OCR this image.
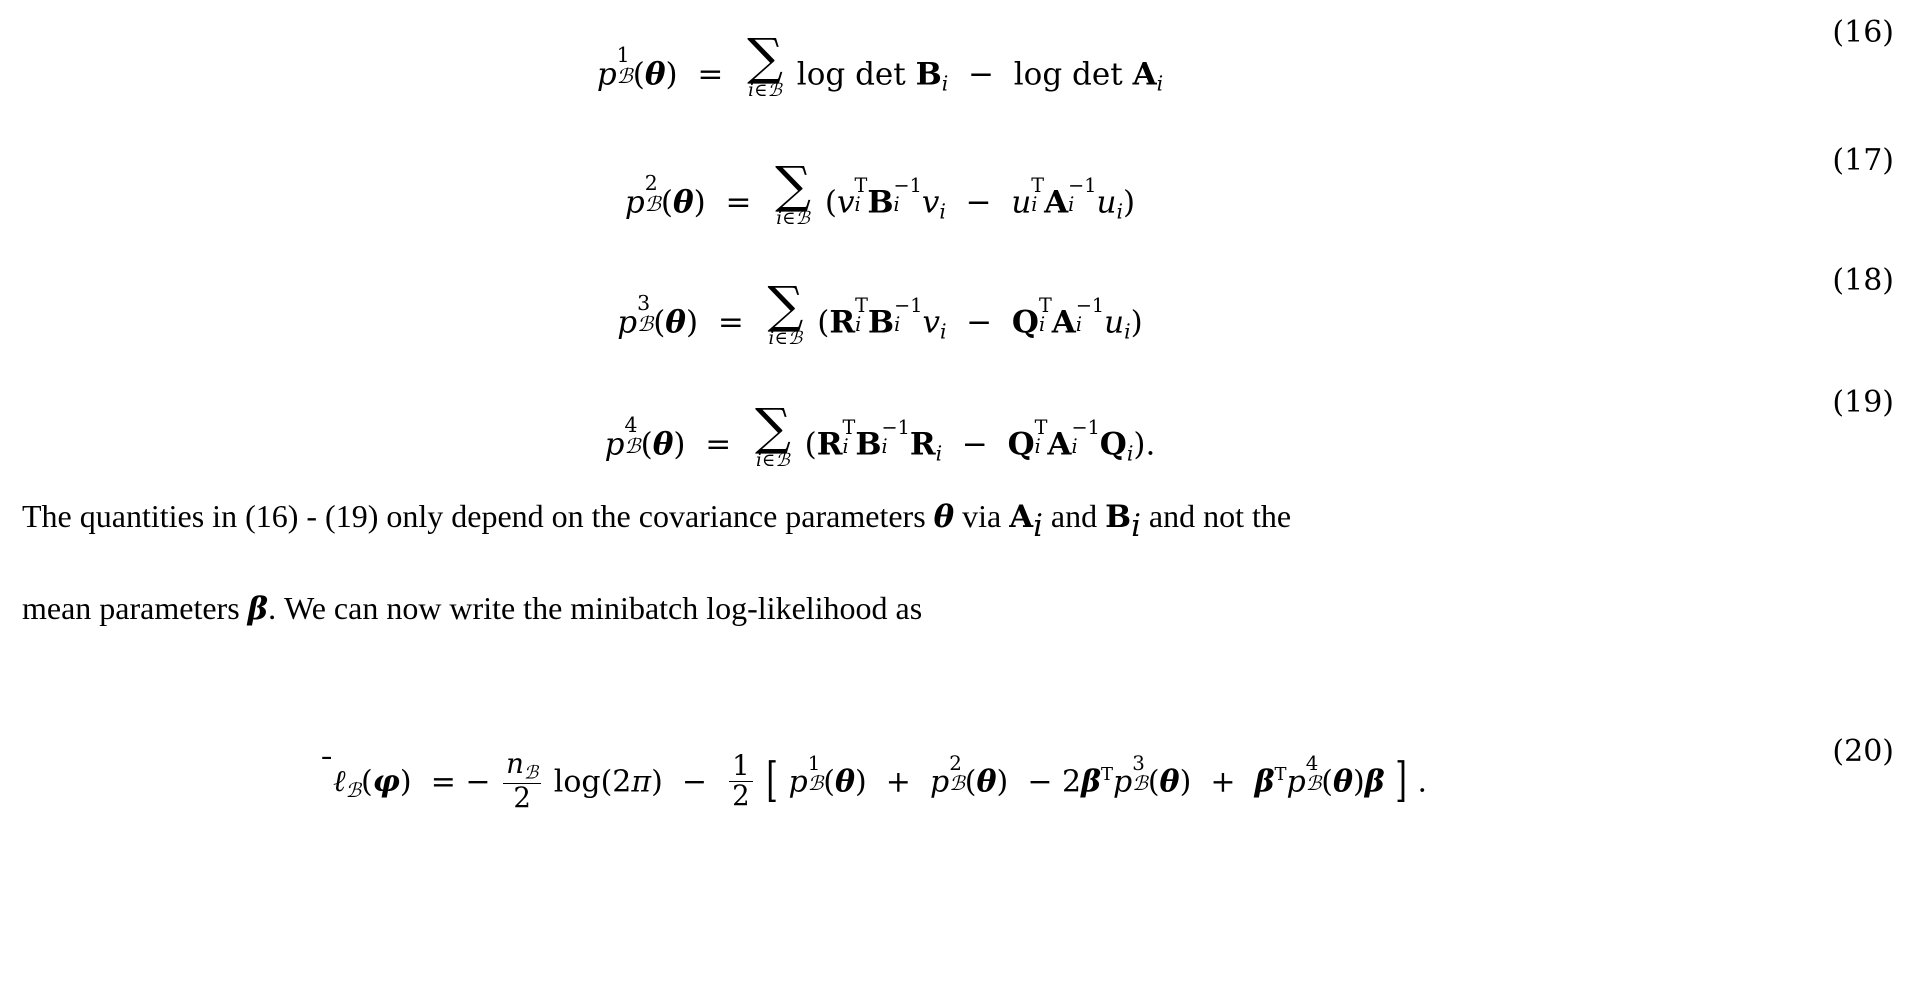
p
1
ℬ (θ) = ∑
i∈ℬ $\log \det B_i - \log \det A_i$
(16)
p
2
ℬ (θ) = ∑
i∈ℬ (v T
i B −1
i $v_i - u$ T
i A −1
i $u_i$)
(17)
p
3
ℬ (θ) = ∑
i∈ℬ (R T
i B −1
i $v_i - Q$ T
i A −1
i $u_i$)
(18)
p
4
ℬ (θ) = ∑
i∈ℬ (R T
i B −1
i $R_i - Q$ T
i A −1
i $Q_i$).
(19)
The quantities in (16) - (19) only depend on the covariance parameters θ via Ai and Bi and not the
mean parameters β. We can now write the minibatch log-likelihood as
ℓ
$_ℬ$(φ) = − $\frac{n_ℬ}{2} \log(2\pi) - \frac{1}{2}$ [ p
1
ℬ (θ) + p
2
ℬ $(\theta) - 2\beta^Tp$
3
ℬ $(\theta) + \beta^Tp$
4
ℬ (θ)β ] .
(20)
